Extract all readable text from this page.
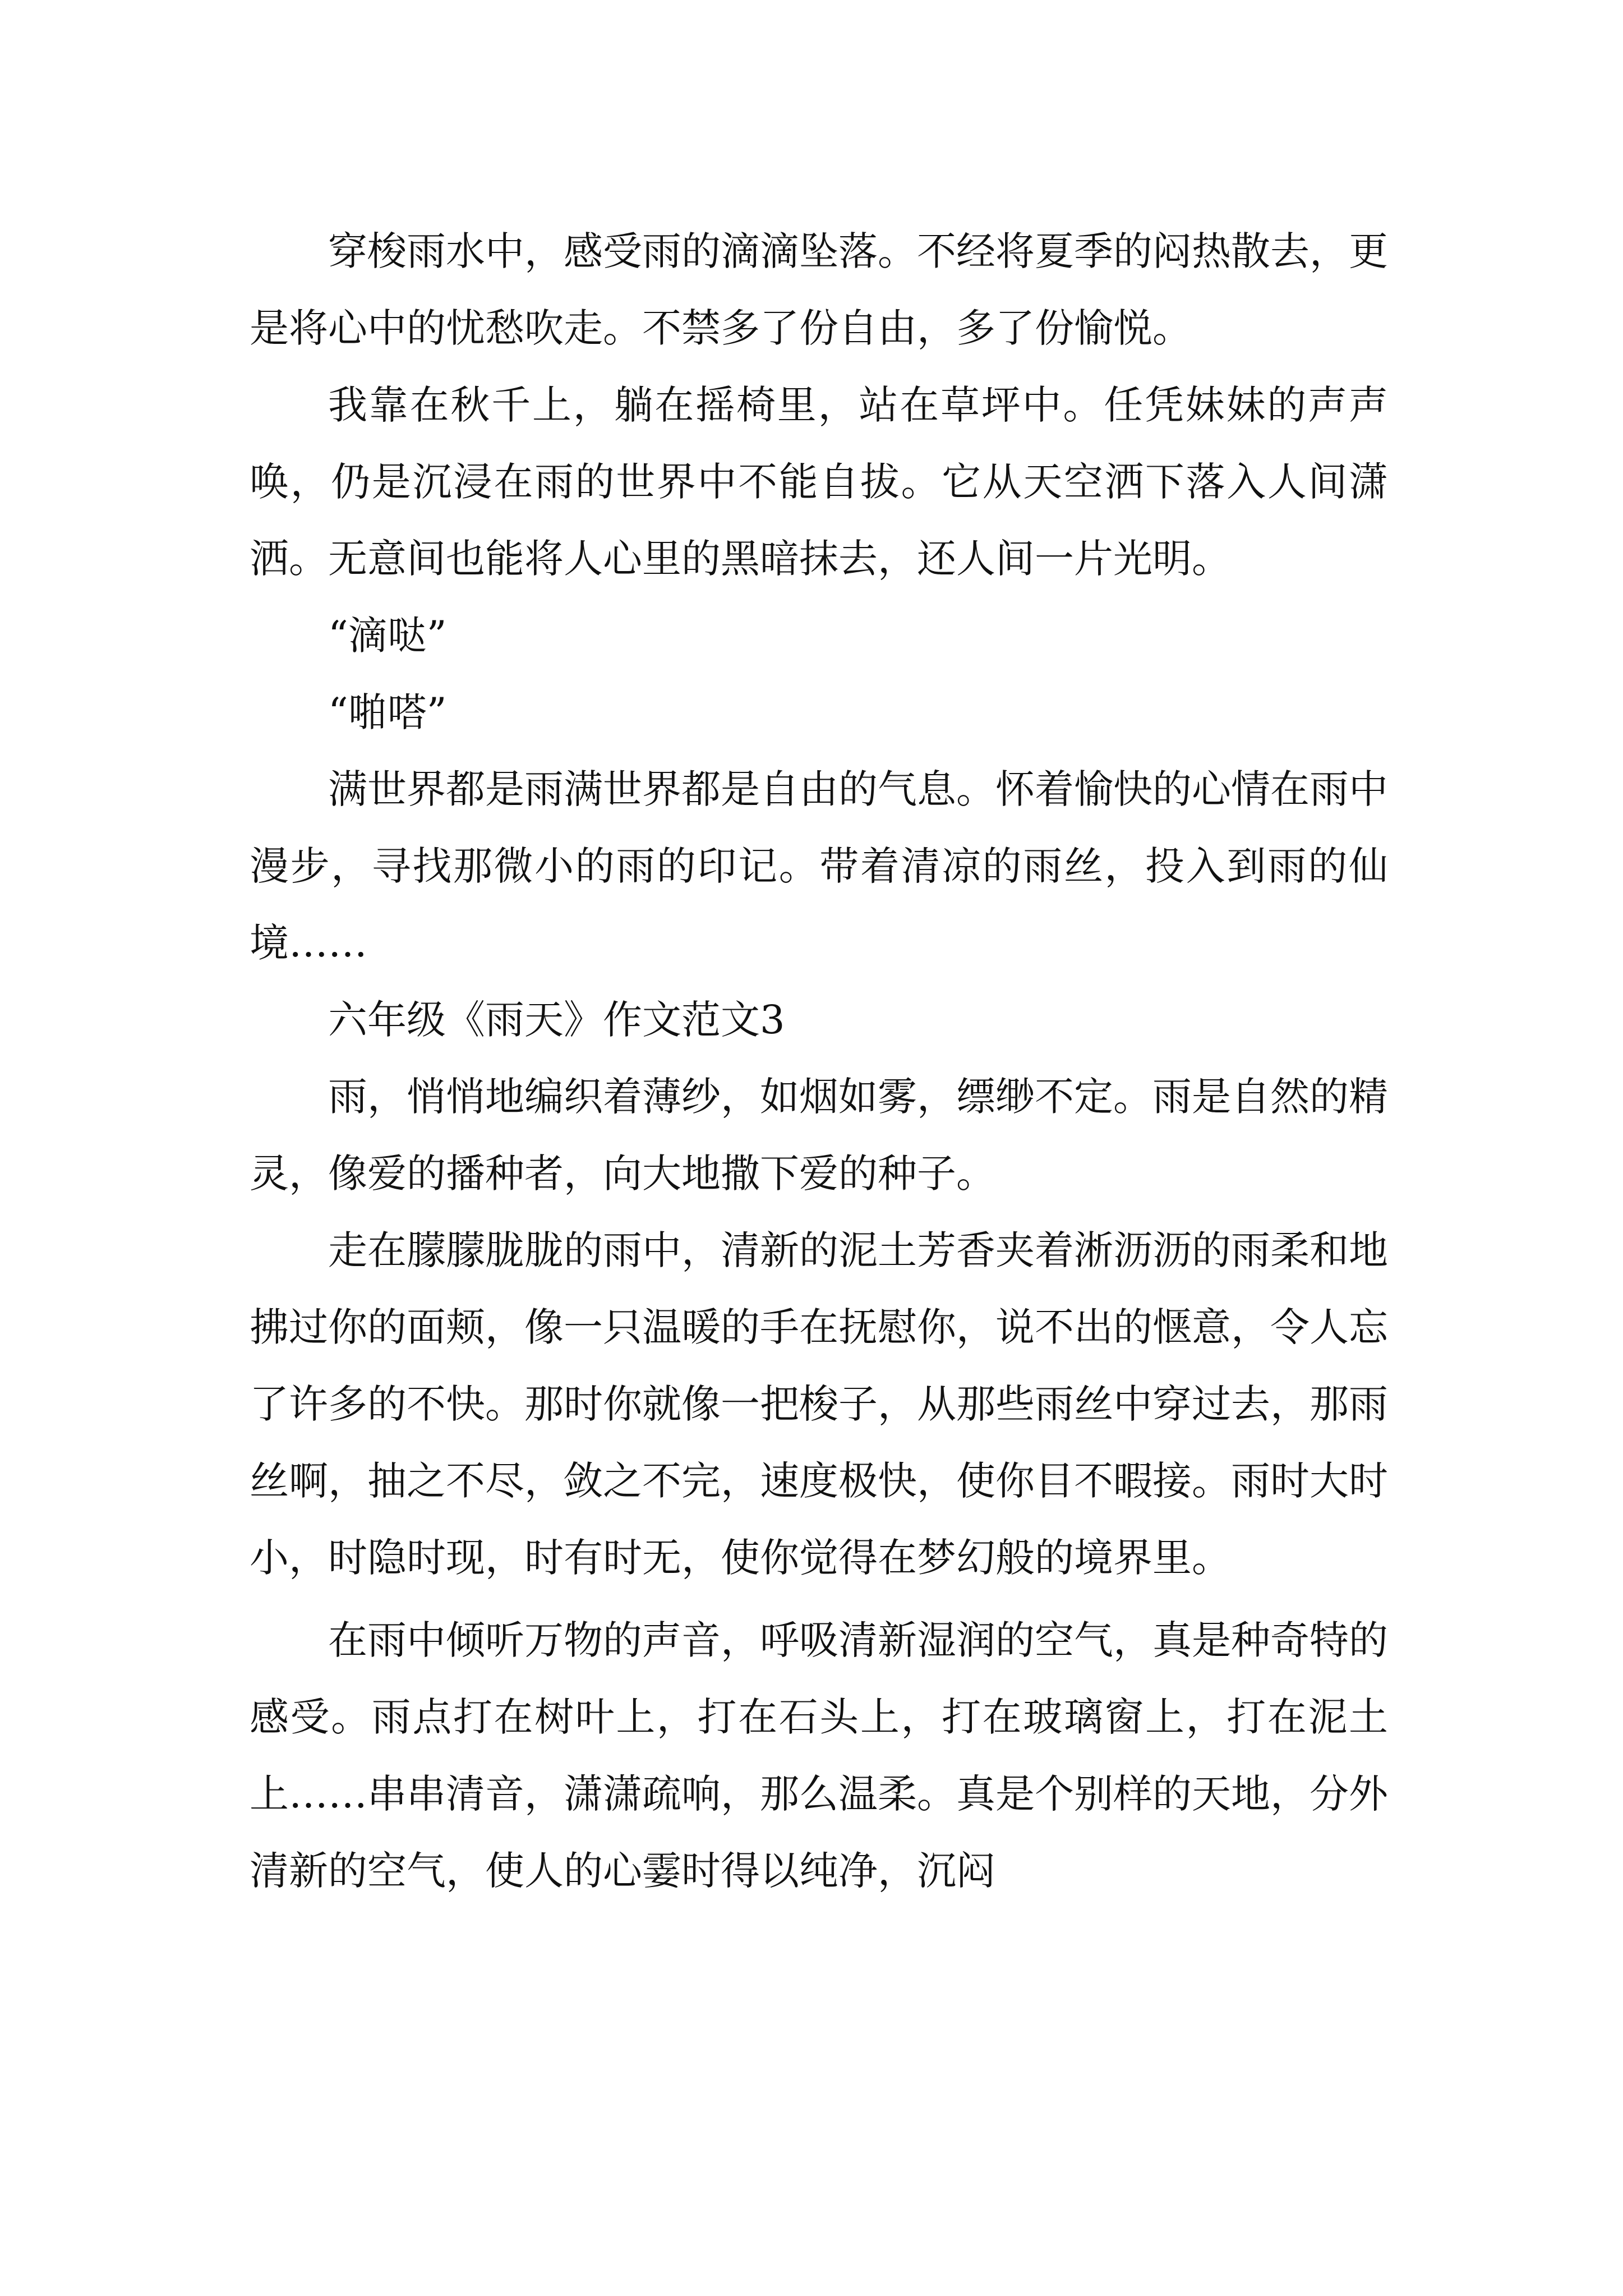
穿梭雨水中，感受雨的滴滴坠落。不经将夏季的闷热散去，更是将心中的忧愁吹走。不禁多了份自由，多了份愉悦。

我靠在秋千上，躺在摇椅里，站在草坪中。任凭妹妹的声声唤，仍是沉浸在雨的世界中不能自拔。它从天空洒下落入人间潇洒。无意间也能将人心里的黑暗抹去，还人间一片光明。

“滴哒”

“啪嗒”

满世界都是雨满世界都是自由的气息。怀着愉快的心情在雨中漫步，寻找那微小的雨的印记。带着清凉的雨丝，投入到雨的仙境……

六年级《雨天》作文范文3

雨，悄悄地编织着薄纱，如烟如雾，缥缈不定。雨是自然的精灵，像爱的播种者，向大地撒下爱的种子。

走在朦朦胧胧的雨中，清新的泥土芳香夹着淅沥沥的雨柔和地拂过你的面颊，像一只温暖的手在抚慰你，说不出的惬意，令人忘了许多的不快。那时你就像一把梭子，从那些雨丝中穿过去，那雨丝啊，抽之不尽，敛之不完，速度极快，使你目不暇接。雨时大时小，时隐时现，时有时无，使你觉得在梦幻般的境界里。

在雨中倾听万物的声音，呼吸清新湿润的空气，真是种奇特的感受。雨点打在树叶上，打在石头上，打在玻璃窗上，打在泥土上……串串清音，潇潇疏响，那么温柔。真是个别样的天地，分外清新的空气，使人的心霎时得以纯净，沉闷
